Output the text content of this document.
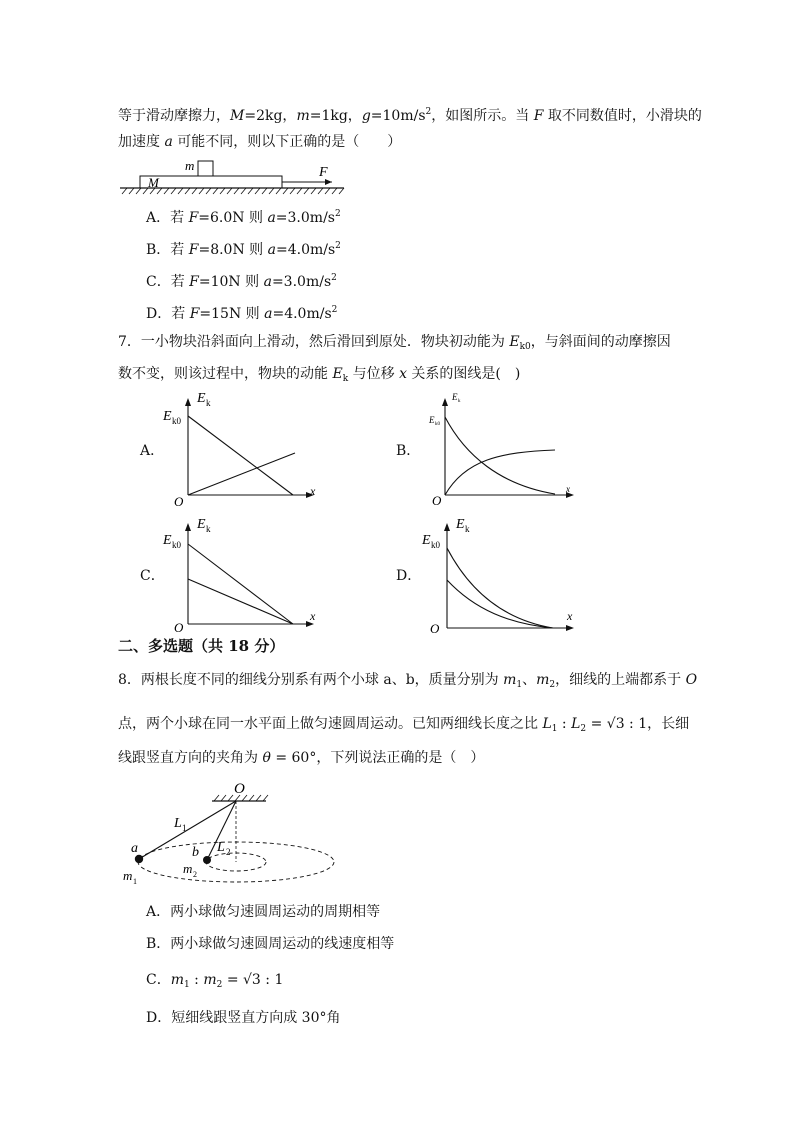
等于滑动摩擦力，M=2kg，m=1kg，$g=10m/s^2$，如图所示。当 F 取不同数值时，小滑块的
加速度 a 可能不同，则以下正确的是（　　）
m
M
F
A．若 F=6.0N 则 $a=3.0m/s^2$
B．若 F=8.0N 则 $a=4.0m/s^2$
C．若 F=10N 则 $a=3.0m/s^2$
D．若 F=15N 则 $a=4.0m/s^2$
7．一小物块沿斜面向上滑动，然后滑回到原处．物块初动能为 $E_{k0}$，与斜面间的动摩擦因
数不变，则该过程中，物块的动能 $E_k$ 与位移 x 关系的图线是(　)
A．	B．
C．	D．
E k
E k0
O
x
E k
E k0
O
x
E k
E k0
O
x
E k
E k0
O
x
二、多选题（共 18 分）
8．两根长度不同的细线分别系有两个小球 a、b，质量分别为 $m_1$、$m_2$，细线的上端都系于 O
点，两个小球在同一水平面上做匀速圆周运动。已知两细线长度之比 $L_1$ : $L_2 = √3$ : 1，长细
线跟竖直方向的夹角为 θ = 60°，下列说法正确的是（　）
O
L 1
L 2
a	b
m 1
m 2
A．两小球做匀速圆周运动的周期相等
B．两小球做匀速圆周运动的线速度相等
C．$m_1$ : $m_2 = √3$ : 1
D．短细线跟竖直方向成 30°角
